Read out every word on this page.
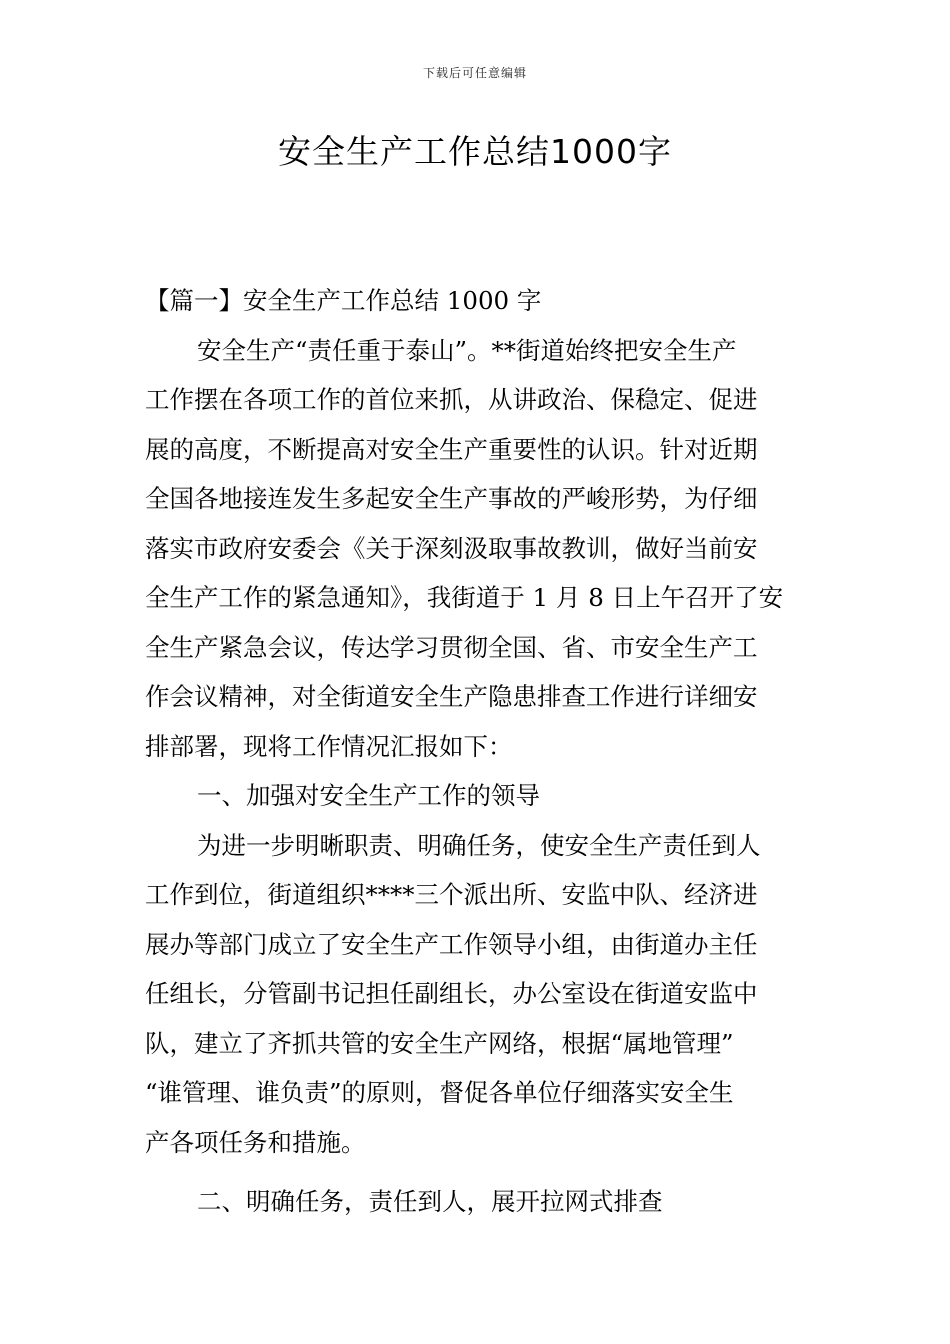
下载后可任意编辑
安全生产工作总结1000字
【篇一】安全生产工作总结 1000 字
安全生产“责任重于泰山”。**街道始终把安全生产
工作摆在各项工作的首位来抓，从讲政治、保稳定、促进
展的高度，不断提高对安全生产重要性的认识。针对近期
全国各地接连发生多起安全生产事故的严峻形势，为仔细
落实市政府安委会《关于深刻汲取事故教训，做好当前安
全生产工作的紧急通知》，我街道于 1 月 8 日上午召开了安
全生产紧急会议，传达学习贯彻全国、省、市安全生产工
作会议精神，对全街道安全生产隐患排查工作进行详细安
排部署，现将工作情况汇报如下：
一、加强对安全生产工作的领导
为进一步明晰职责、明确任务，使安全生产责任到人
工作到位，街道组织****三个派出所、安监中队、经济进
展办等部门成立了安全生产工作领导小组，由街道办主任
任组长，分管副书记担任副组长，办公室设在街道安监中
队，建立了齐抓共管的安全生产网络，根据“属地管理”
“谁管理、谁负责”的原则，督促各单位仔细落实安全生
产各项任务和措施。
二、明确任务，责任到人，展开拉网式排查
